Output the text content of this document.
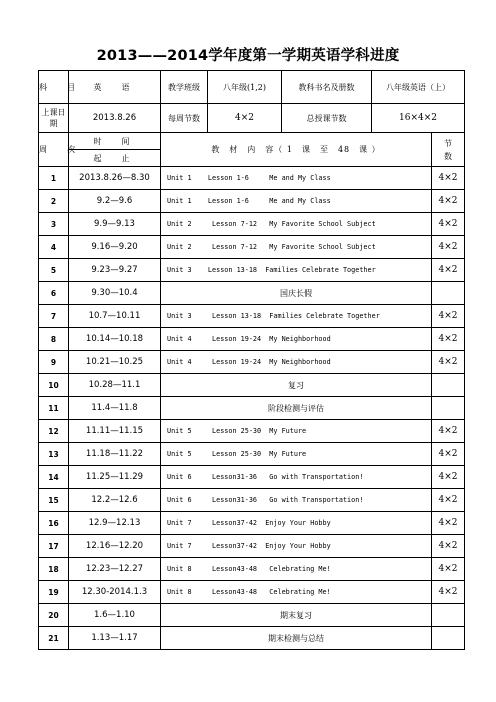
2013——2014学年度第一学期英语学科进度
科　目	英　语	教学班级	八年级(1,2)	教科书名及册数	八年级英语（上）	
上课日期	2013.8.26	每周节数	4×2	总授课节数	16×4×2	
周　次	时　间	教　材　内　容（ 1　课　至　48　课 ）				节数
	起　止					
1	2013.8.26—8.30	Unit 1    Lesson 1-6     Me and My Class				4×2
2	9.2—9.6	Unit 1    Lesson 1-6     Me and My Class				4×2
3	9.9—9.13	Unit 2     Lesson 7-12   My Favorite School Subject				4×2
4	9.16—9.20	Unit 2     Lesson 7-12   My Favorite School Subject				4×2
5	9.23—9.27	Unit 3    Lesson 13-18  Families Celebrate Together				4×2
6	9.30—10.4	国庆长假				
7	10.7—10.11	Unit 3     Lesson 13-18  Families Celebrate Together				4×2
8	10.14—10.18	Unit 4     Lesson 19-24  My Neighborhood				4×2
9	10.21—10.25	Unit 4     Lesson 19-24  My Neighborhood				4×2
10	10.28—11.1	复习				
11	11.4—11.8	阶段检测与评估				
12	11.11—11.15	Unit 5     Lesson 25-30  My Future				4×2
13	11.18—11.22	Unit 5     Lesson 25-30  My Future				4×2
14	11.25—11.29	Unit 6     Lesson31-36   Go with Transportation!				4×2
15	12.2—12.6	Unit 6     Lesson31-36   Go with Transportation!				4×2
16	12.9—12.13	Unit 7     Lesson37-42  Enjoy Your Hobby				4×2
17	12.16—12.20	Unit 7     Lesson37-42  Enjoy Your Hobby				4×2
18	12.23—12.27	Unit 8     Lesson43-48   Celebrating Me!				4×2
19	12.30-2014.1.3	Unit 8     Lesson43-48   Celebrating Me!				4×2
20	1.6—1.10	期末复习				
21	1.13—1.17	期末检测与总结				
